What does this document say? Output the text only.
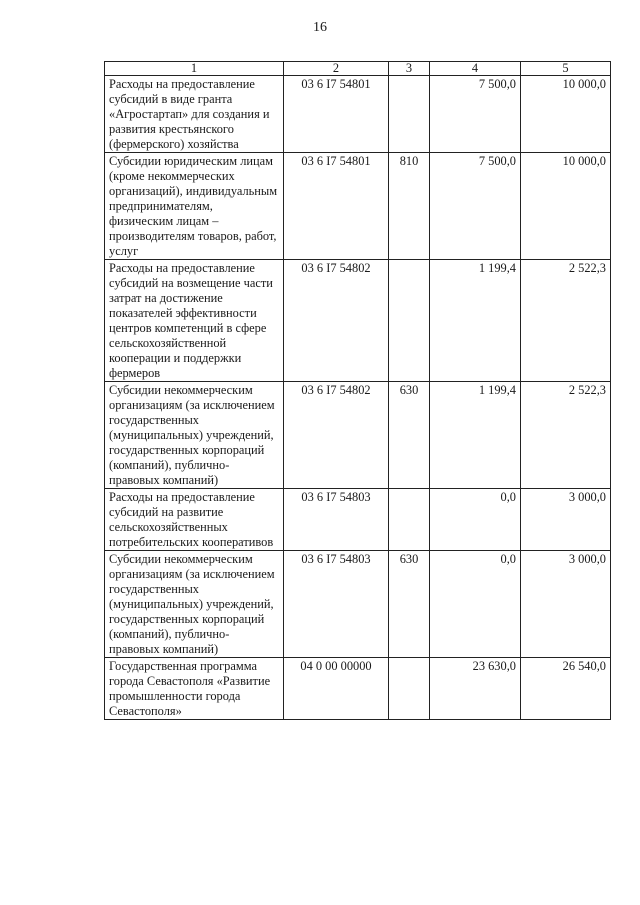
16
1	2	3	4	5
Расходы на предоставление субсидий в виде гранта «Агростартап» для создания и развития крестьянского (фермерского) хозяйства	03 6 I7 54801		7 500,0	10 000,0
Субсидии юридическим лицам (кроме некоммерческих организаций), индивидуальным предпринимателям, физическим лицам – производителям товаров, работ, услуг	03 6 I7 54801	810	7 500,0	10 000,0
Расходы на предоставление субсидий на возмещение части затрат на достижение показателей эффективности центров компетенций в сфере сельскохозяйственной кооперации и поддержки фермеров	03 6 I7 54802		1 199,4	2 522,3
Субсидии некоммерческим организациям (за исключением государственных (муниципальных) учреждений, государственных корпораций (компаний), публично-правовых компаний)	03 6 I7 54802	630	1 199,4	2 522,3
Расходы на предоставление субсидий на развитие сельскохозяйственных потребительских кооперативов	03 6 I7 54803		0,0	3 000,0
Субсидии некоммерческим организациям (за исключением государственных (муниципальных) учреждений, государственных корпораций (компаний), публично-правовых компаний)	03 6 I7 54803	630	0,0	3 000,0
Государственная программа города Севастополя «Развитие промышленности города Севастополя»	04 0 00 00000		23 630,0	26 540,0
